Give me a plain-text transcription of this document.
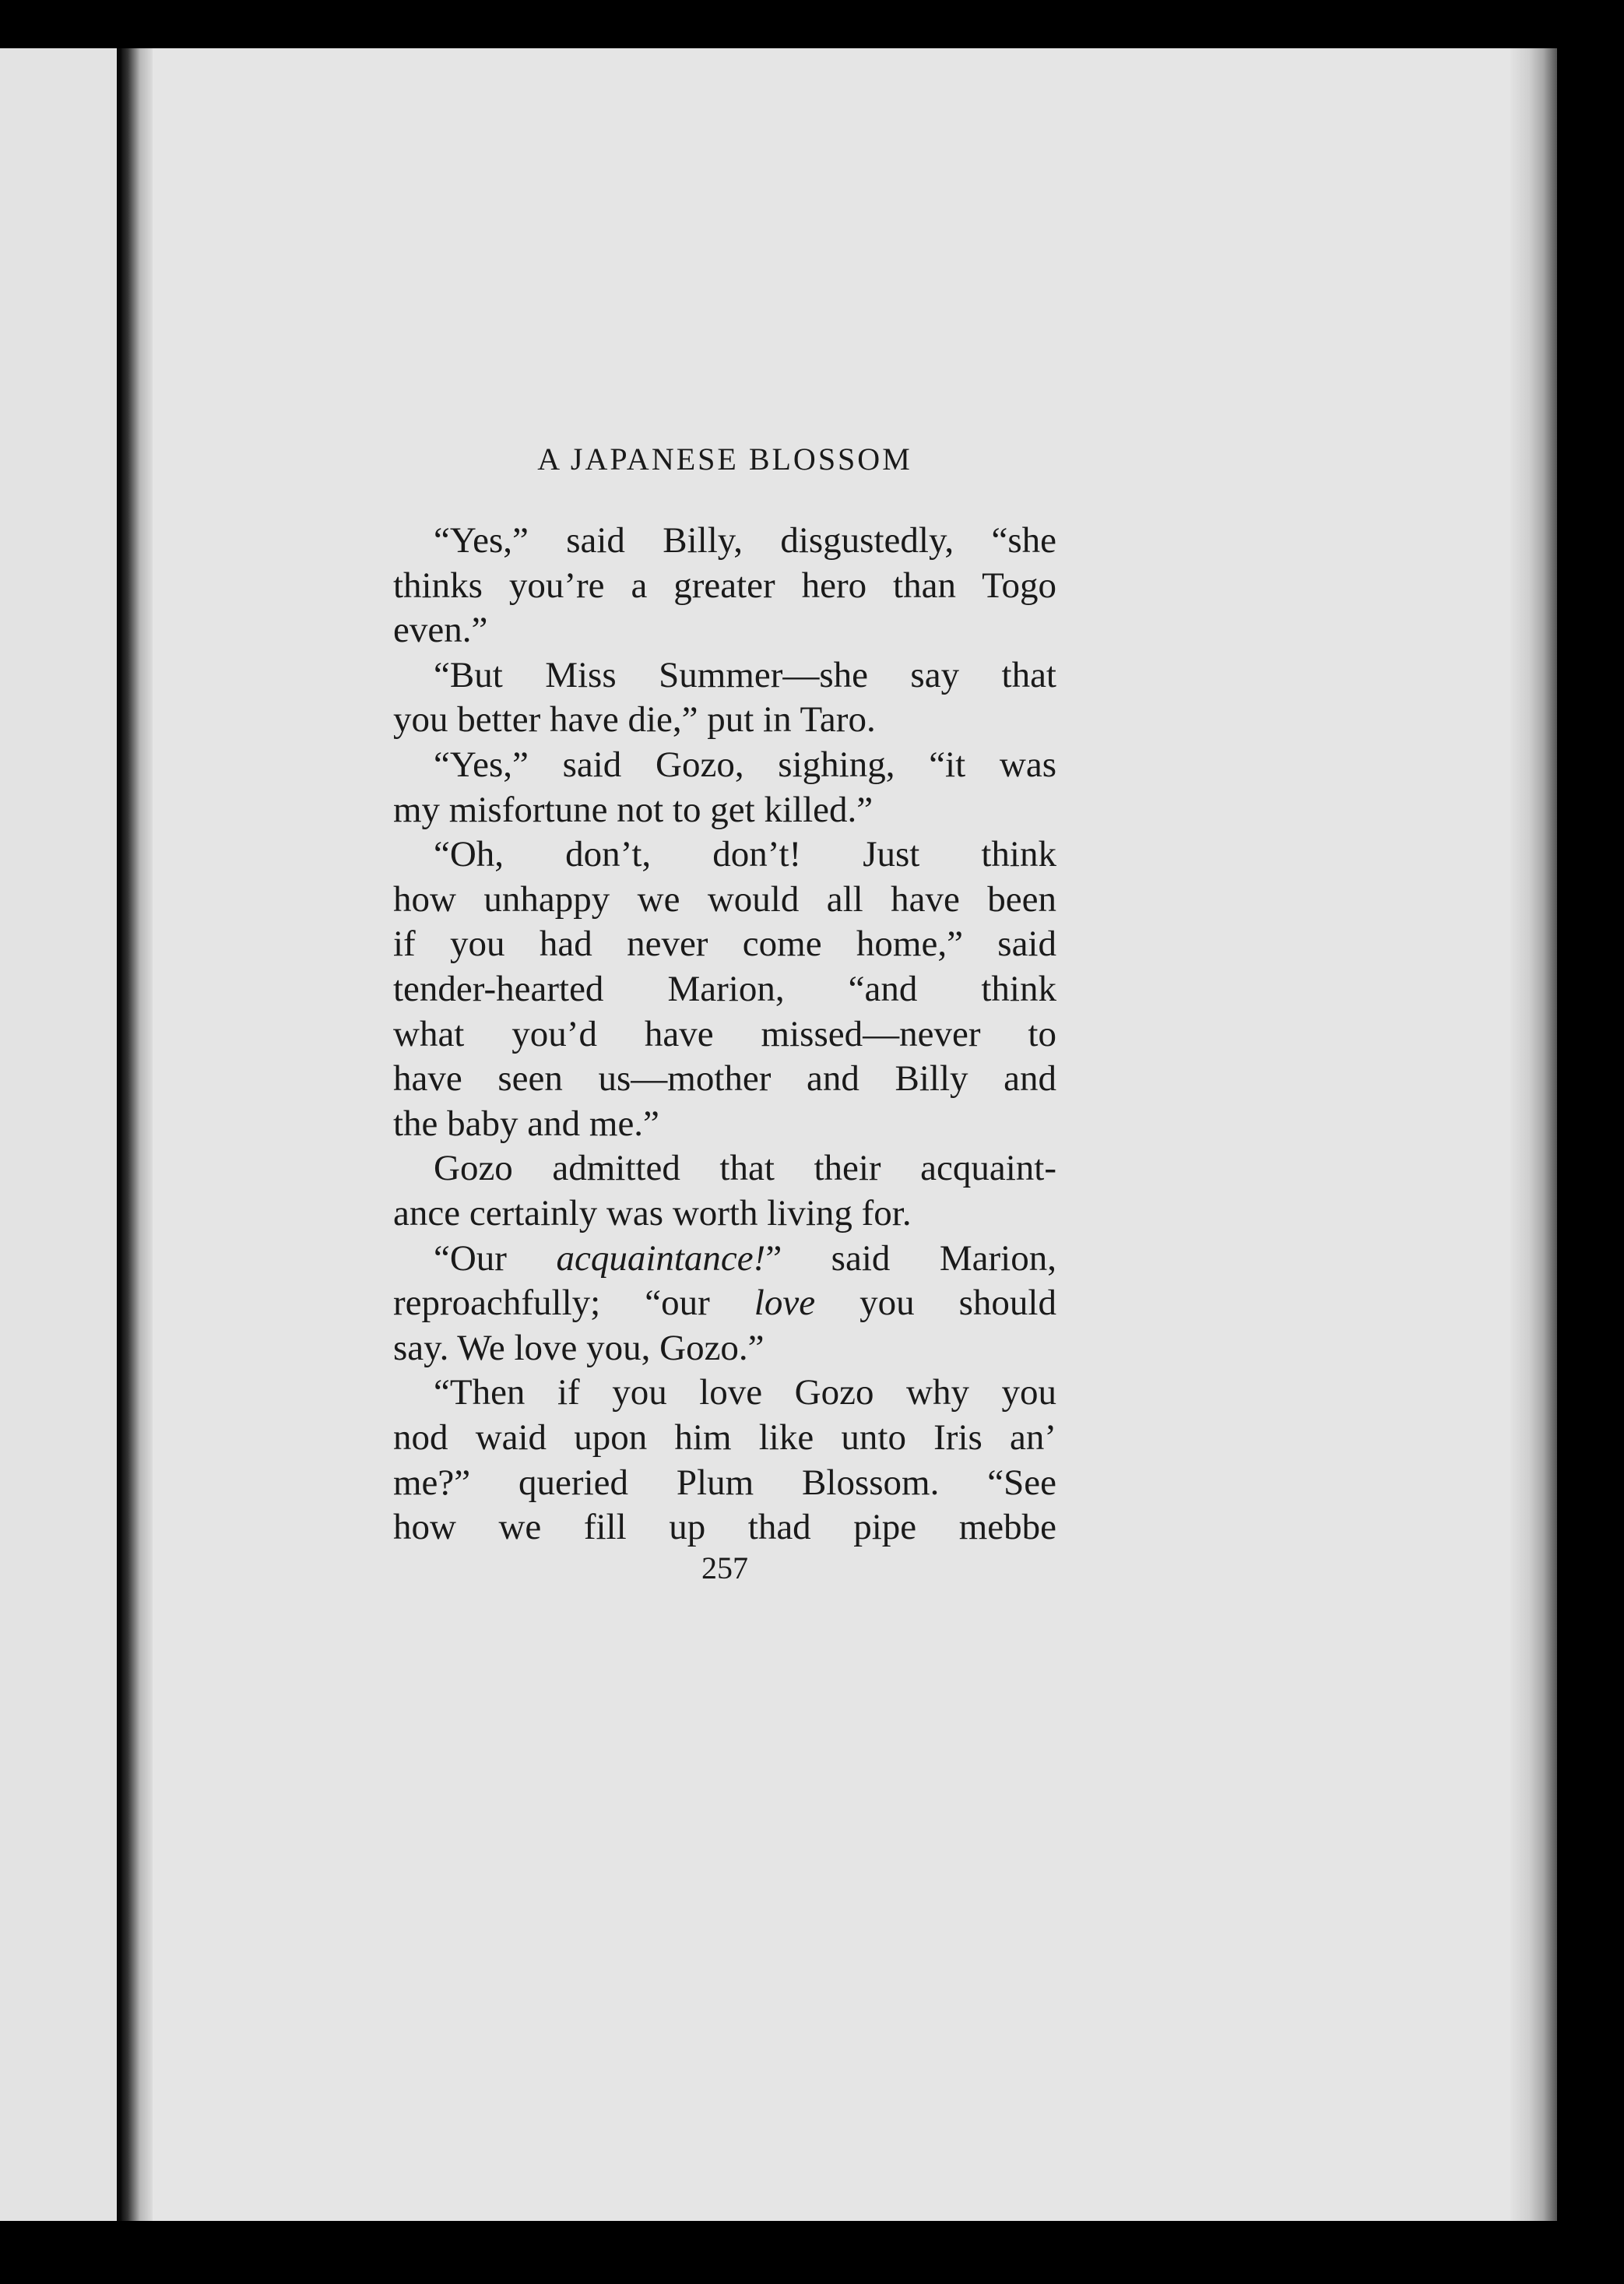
A JAPANESE BLOSSOM
“Yes,” said Billy, disgustedly, “she
thinks you’re a greater hero than Togo
even.”
“But Miss Summer—she say that
you better have die,” put in Taro.
“Yes,” said Gozo, sighing, “it was
my misfortune not to get killed.”
“Oh, don’t, don’t! Just think
how unhappy we would all have been
if you had never come home,” said
tender-hearted Marion, “and think
what you’d have missed—never to
have seen us—mother and Billy and
the baby and me.”
Gozo admitted that their acquaint-
ance certainly was worth living for.
“Our acquaintance!” said Marion,
reproachfully; “our love you should
say. We love you, Gozo.”
“Then if you love Gozo why you
nod waid upon him like unto Iris an’
me?” queried Plum Blossom. “See
how we fill up thad pipe mebbe
257
